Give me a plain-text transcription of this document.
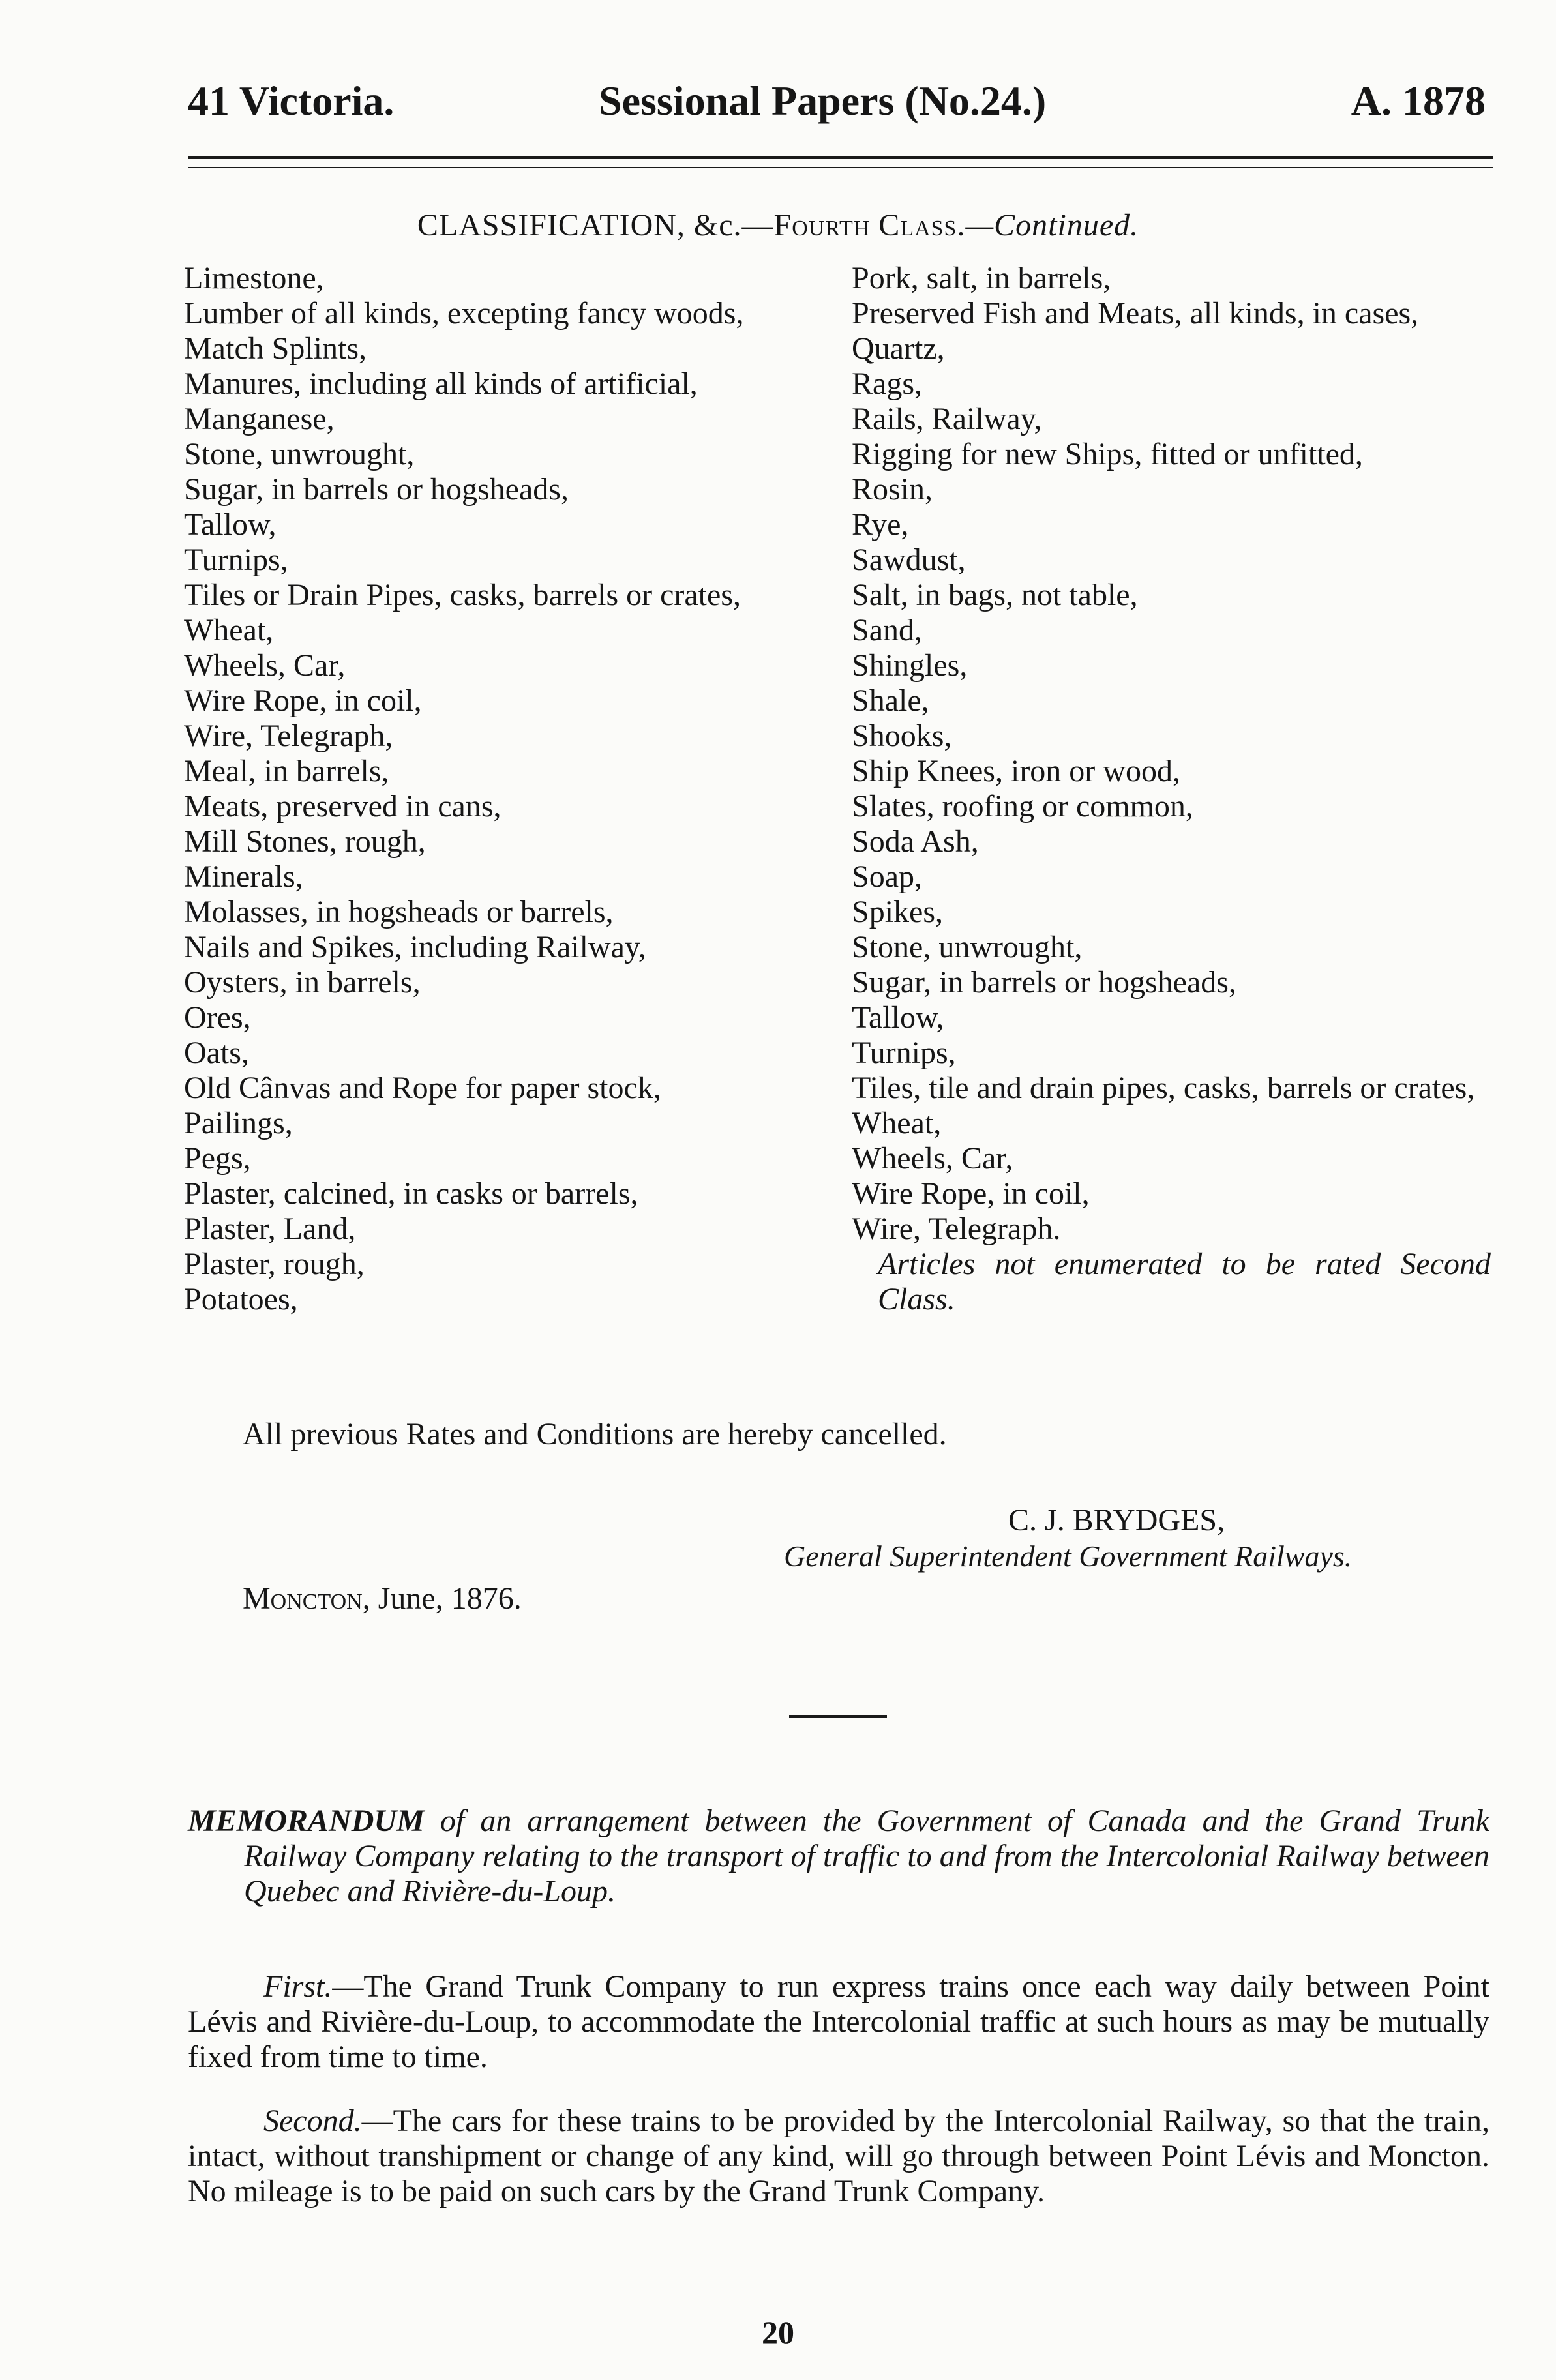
41 Victoria.	Sessional Papers (No.24.)	A. 1878
CLASSIFICATION, &c.—Fourth Class.—Continued.

Limestone,

Lumber of all kinds, excepting fancy woods,

Match Splints,

Manures, including all kinds of artificial,

Manganese,

Stone, unwrought,

Sugar, in barrels or hogsheads,

Tallow,

Turnips,

Tiles or Drain Pipes, casks, barrels or crates,

Wheat,

Wheels, Car,

Wire Rope, in coil,

Wire, Telegraph,

Meal, in barrels,

Meats, preserved in cans,

Mill Stones, rough,

Minerals,

Molasses, in hogsheads or barrels,

Nails and Spikes, including Railway,

Oysters, in barrels,

Ores,

Oats,

Old Cânvas and Rope for paper stock,

Pailings,

Pegs,

Plaster, calcined, in casks or barrels,

Plaster, Land,

Plaster, rough,

Potatoes,

Pork, salt, in barrels,

Preserved Fish and Meats, all kinds, in cases,

Quartz,

Rags,

Rails, Railway,

Rigging for new Ships, fitted or unfitted,

Rosin,

Rye,

Sawdust,

Salt, in bags, not table,

Sand,

Shingles,

Shale,

Shooks,

Ship Knees, iron or wood,

Slates, roofing or common,

Soda Ash,

Soap,

Spikes,

Stone, unwrought,

Sugar, in barrels or hogsheads,

Tallow,

Turnips,

Tiles, tile and drain pipes, casks, barrels or crates,

Wheat,

Wheels, Car,

Wire Rope, in coil,

Wire, Telegraph.

Articles not enumerated to be rated Second Class.

All previous Rates and Conditions are hereby cancelled.
C. J. BRYDGES,
General Superintendent Government Railways.
Moncton, June, 1876.

MEMORANDUM of an arrangement between the Government of Canada and the Grand Trunk Railway Company relating to the transport of traffic to and from the Intercolonial Railway between Quebec and Rivière-du-Loup.

First.—The Grand Trunk Company to run express trains once each way daily between Point Lévis and Rivière-du-Loup, to accommodate the Intercolonial traffic at such hours as may be mutually fixed from time to time.

Second.—The cars for these trains to be provided by the Intercolonial Railway, so that the train, intact, without transhipment or change of any kind, will go through between Point Lévis and Moncton. No mileage is to be paid on such cars by the Grand Trunk Company.

20
